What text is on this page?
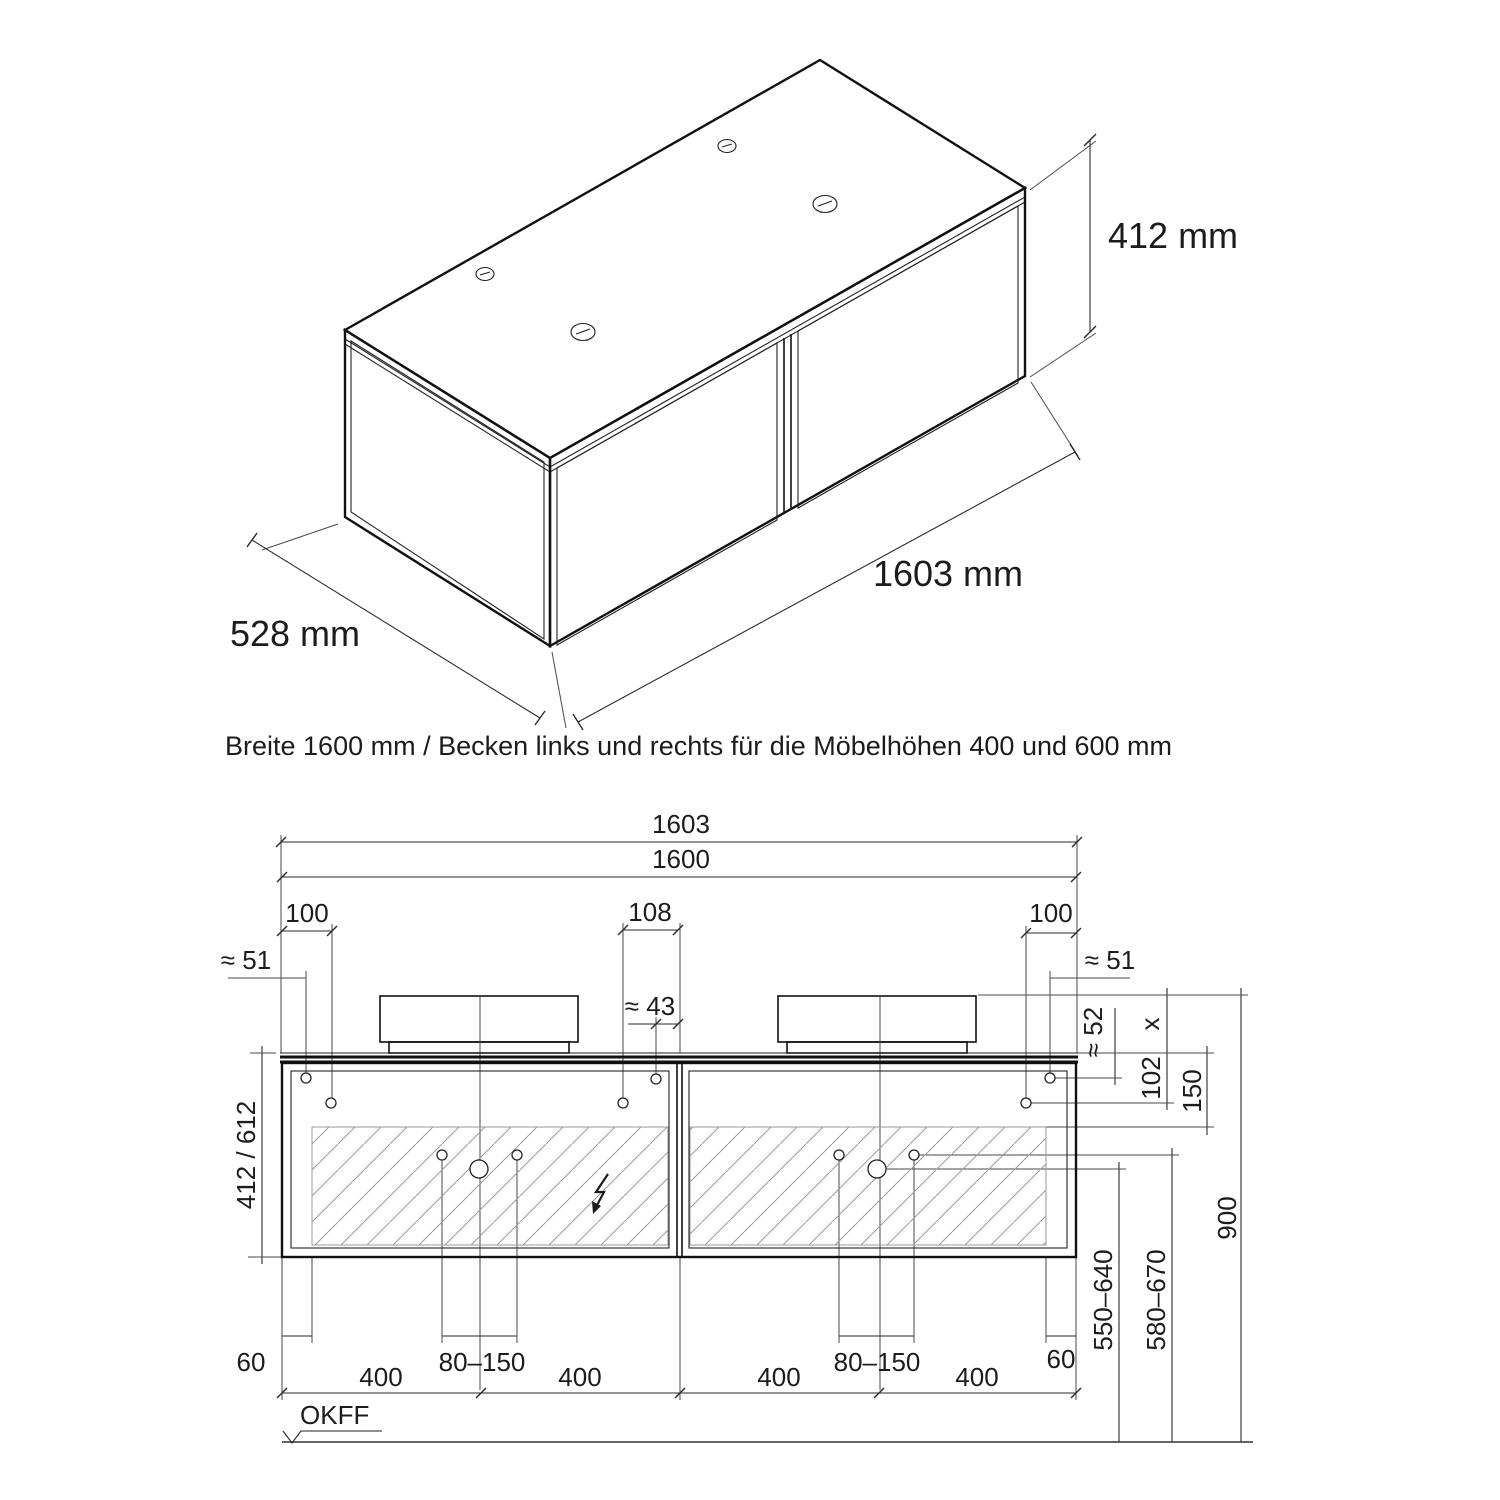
412 mm
1603 mm
528 mm
Breite 1600 mm / Becken links und rechts für die Möbelhöhen 400 und 600 mm
1603
1600
100	108	100
≈ 51	≈ 51
≈ 43
412 / 612
≈ 52 x
102 150
900
550–640 580–670
60	80–150	80–150	60
400	400	400	400
OKFF
